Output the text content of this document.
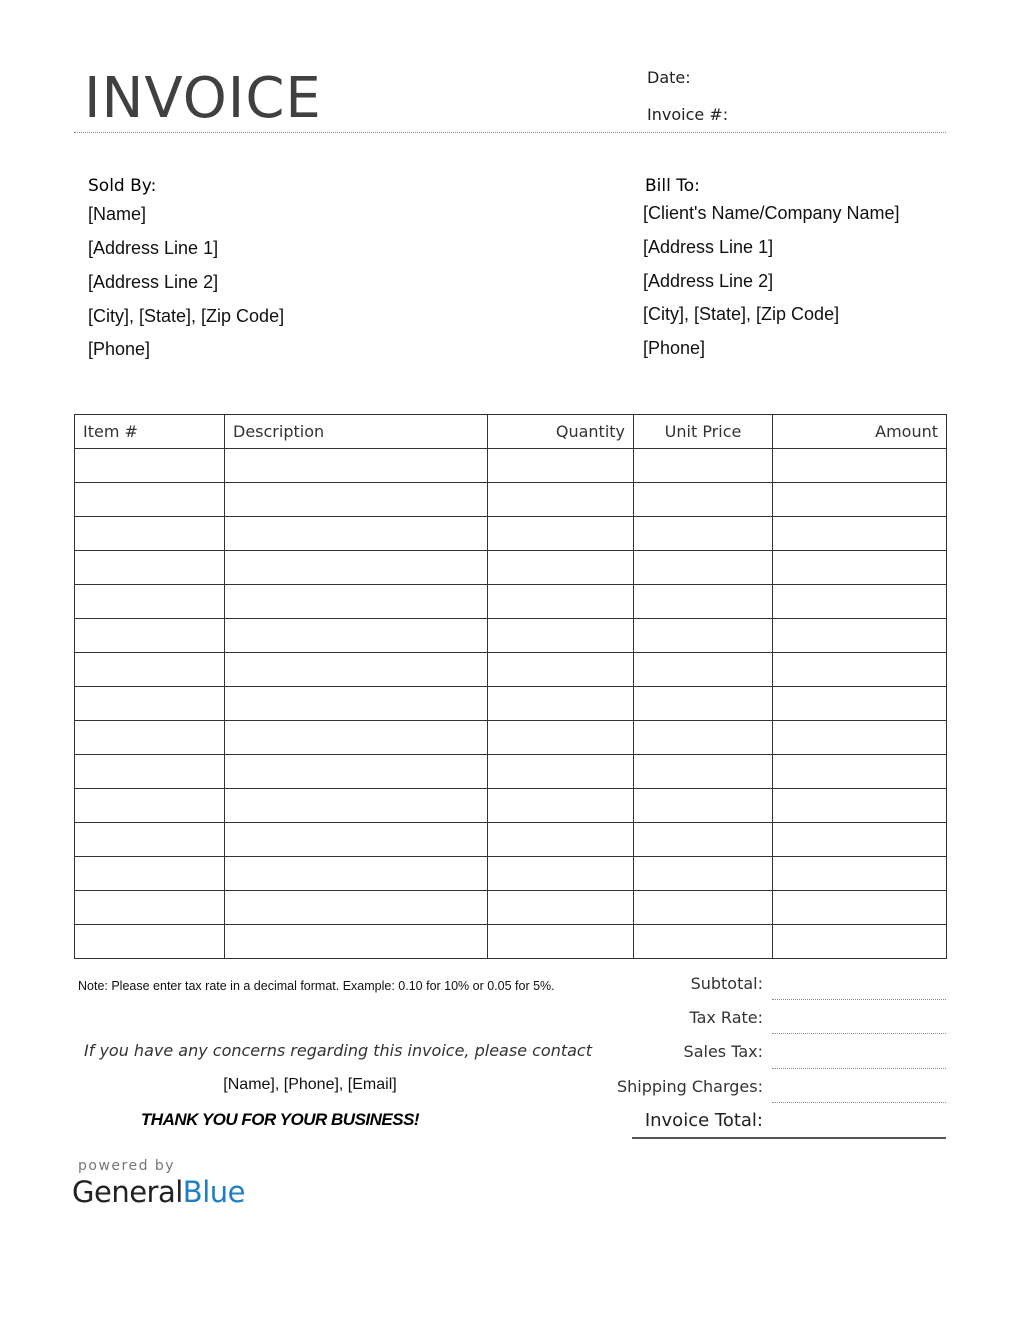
INVOICE	Date:
Invoice #:
Sold By:
[Name]
[Address Line 1]
[Address Line 2]
[City], [State], [Zip Code]
[Phone]
Bill To:
[Client's Name/Company Name]
[Address Line 1]
[Address Line 2]
[City], [State], [Zip Code]
[Phone]
Item #	Description	Quantity	Unit Price	Amount

Note: Please enter tax rate in a decimal format. Example: 0.10 for 10% or 0.05 for 5%.	Subtotal:
Tax Rate:
Sales Tax:
Shipping Charges:
Invoice Total:
If you have any concerns regarding this invoice, please contact
[Name], [Phone], [Email]
THANK YOU FOR YOUR BUSINESS!
powered by
GeneralBlue
